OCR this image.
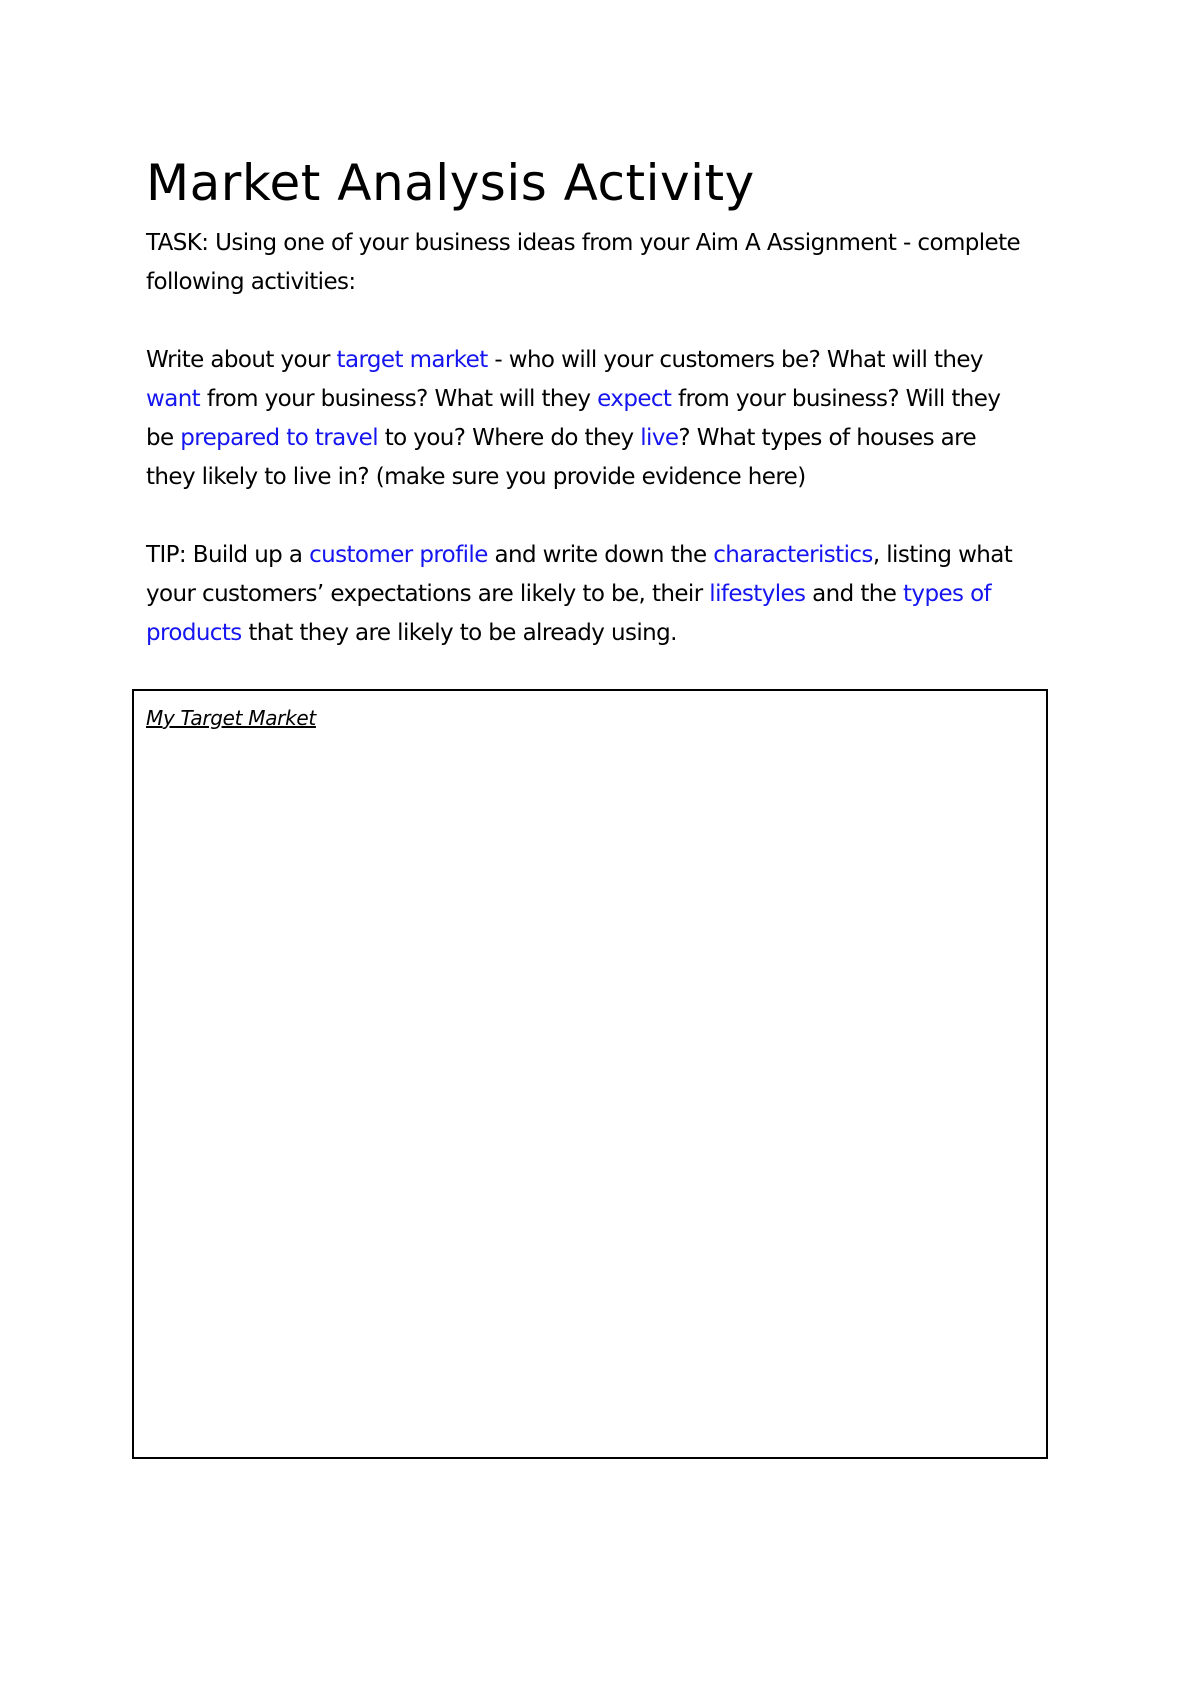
Market Analysis Activity
TASK: Using one of your business ideas from your Aim A Assignment - complete
following activities:
Write about your target market - who will your customers be? What will they
want from your business? What will they expect from your business? Will they
be prepared to travel to you? Where do they live? What types of houses are
they likely to live in? (make sure you provide evidence here)
TIP: Build up a customer profile and write down the characteristics, listing what
your customers’ expectations are likely to be, their lifestyles and the types of
products that they are likely to be already using.
My Target Market
